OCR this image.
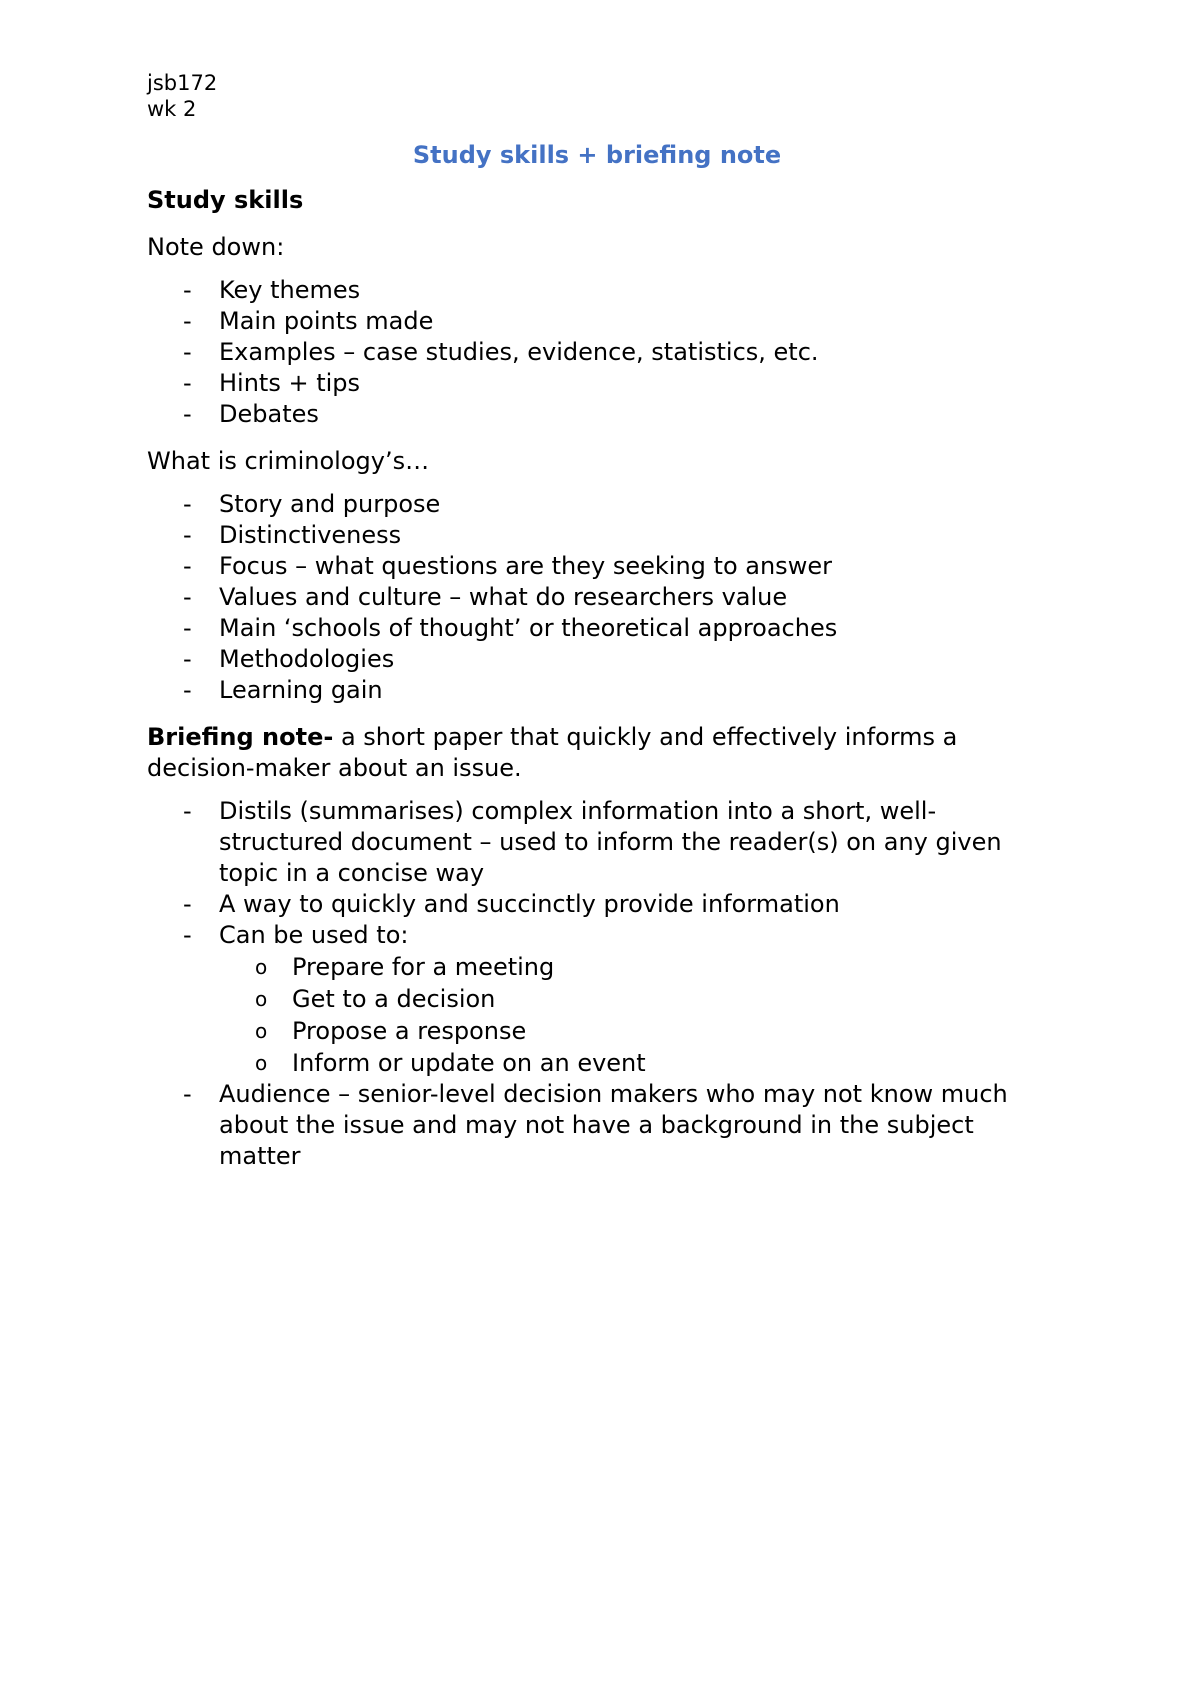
jsb172
wk 2
Study skills + briefing note
Study skills
Note down:
- Key themes
- Main points made
- Examples – case studies, evidence, statistics, etc.
- Hints + tips
- Debates
What is criminology’s…
- Story and purpose
- Distinctiveness
- Focus – what questions are they seeking to answer
- Values and culture – what do researchers value
- Main ‘schools of thought’ or theoretical approaches
- Methodologies
- Learning gain
Briefing note- a short paper that quickly and effectively informs a decision-maker about an issue.
- Distils (summarises) complex information into a short, well-structured document – used to inform the reader(s) on any given topic in a concise way
- A way to quickly and succinctly provide information
- Can be used to:
o Prepare for a meeting
o Get to a decision
o Propose a response
o Inform or update on an event
- Audience – senior-level decision makers who may not know much about the issue and may not have a background in the subject matter
